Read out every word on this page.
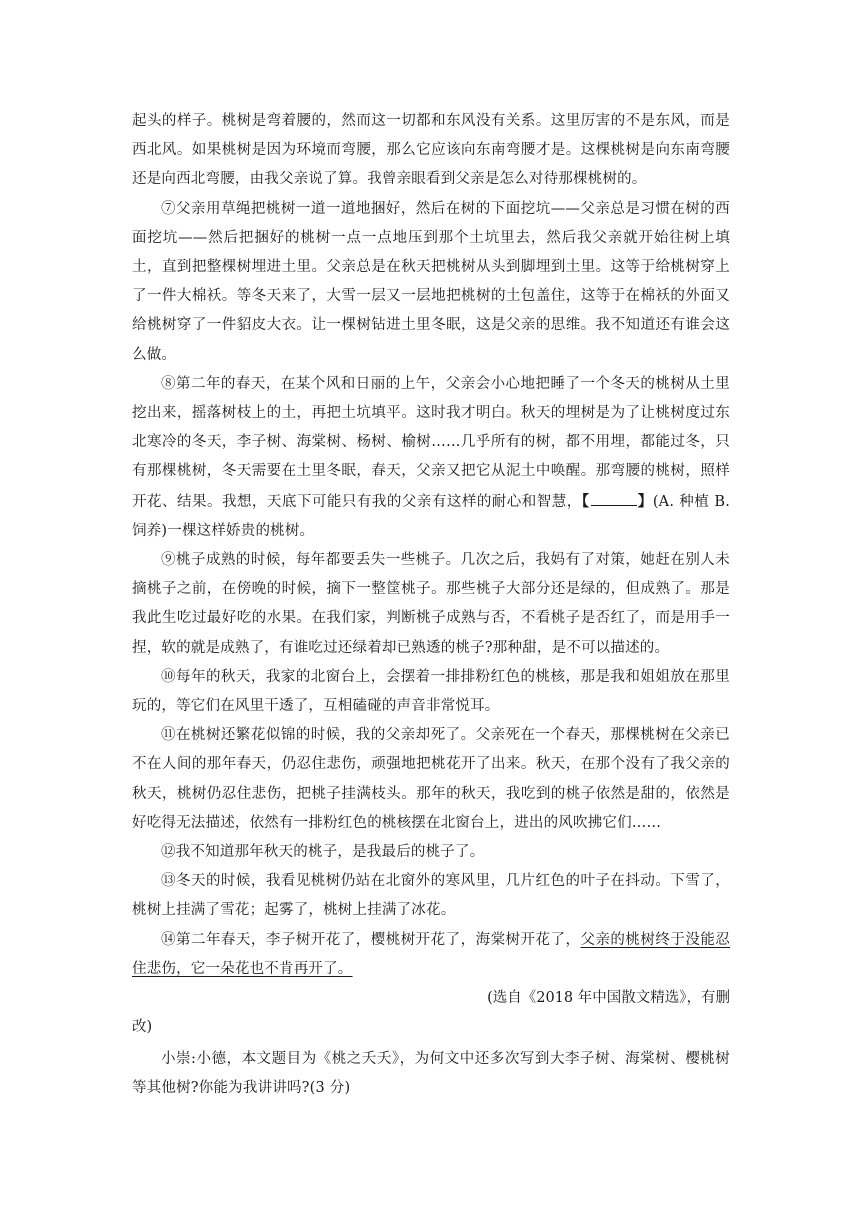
起头的样子。桃树是弯着腰的，然而这一切都和东风没有关系。这里厉害的不是东风，而是西北风。如果桃树是因为环境而弯腰，那么它应该向东南弯腰才是。这棵桃树是向东南弯腰还是向西北弯腰，由我父亲说了算。我曾亲眼看到父亲是怎么对待那棵桃树的。

⑦父亲用草绳把桃树一道一道地捆好，然后在树的下面挖坑——父亲总是习惯在树的西面挖坑——然后把捆好的桃树一点一点地压到那个土坑里去，然后我父亲就开始往树上填土，直到把整棵树埋进土里。父亲总是在秋天把桃树从头到脚埋到土里。这等于给桃树穿上了一件大棉袄。等冬天来了，大雪一层又一层地把桃树的土包盖住，这等于在棉袄的外面又给桃树穿了一件貂皮大衣。让一棵树钻进土里冬眠，这是父亲的思维。我不知道还有谁会这么做。

⑧第二年的春天，在某个风和日丽的上午，父亲会小心地把睡了一个冬天的桃树从土里挖出来，摇落树枝上的土，再把土坑填平。这时我才明白。秋天的埋树是为了让桃树度过东北寒冷的冬天，李子树、海棠树、杨树、榆树……几乎所有的树，都不用埋，都能过冬，只有那棵桃树，冬天需要在土里冬眠，春天，父亲又把它从泥土中唤醒。那弯腰的桃树，照样开花、结果。我想，天底下可能只有我的父亲有这样的耐心和智慧，【	】(A. 种植 B. 饲养)一棵这样娇贵的桃树。

⑨桃子成熟的时候，每年都要丢失一些桃子。几次之后，我妈有了对策，她赶在别人未摘桃子之前，在傍晚的时候，摘下一整筐桃子。那些桃子大部分还是绿的，但成熟了。那是我此生吃过最好吃的水果。在我们家，判断桃子成熟与否，不看桃子是否红了，而是用手一捏，软的就是成熟了，有谁吃过还绿着却已熟透的桃子?那种甜，是不可以描述的。

⑩每年的秋天，我家的北窗台上，会摆着一排排粉红色的桃核，那是我和姐姐放在那里玩的，等它们在风里干透了，互相磕碰的声音非常悦耳。

⑪在桃树还繁花似锦的时候，我的父亲却死了。父亲死在一个春天，那棵桃树在父亲已不在人间的那年春天，仍忍住悲伤，顽强地把桃花开了出来。秋天，在那个没有了我父亲的秋天，桃树仍忍住悲伤，把桃子挂满枝头。那年的秋天，我吃到的桃子依然是甜的，依然是好吃得无法描述，依然有一排粉红色的桃核摆在北窗台上，进出的风吹拂它们……

⑫我不知道那年秋天的桃子，是我最后的桃子了。

⑬冬天的时候，我看见桃树仍站在北窗外的寒风里，几片红色的叶子在抖动。下雪了，桃树上挂满了雪花；起雾了，桃树上挂满了冰花。

⑭第二年春天，李子树开花了，樱桃树开花了，海棠树开花了，父亲的桃树终于没能忍住悲伤，它一朵花也不肯再开了。

(选自《2018 年中国散文精选》，有删

改)

小崇:小德，本文题目为《桃之夭夭》，为何文中还多次写到大李子树、海棠树、樱桃树等其他树?你能为我讲讲吗?(3 分)
